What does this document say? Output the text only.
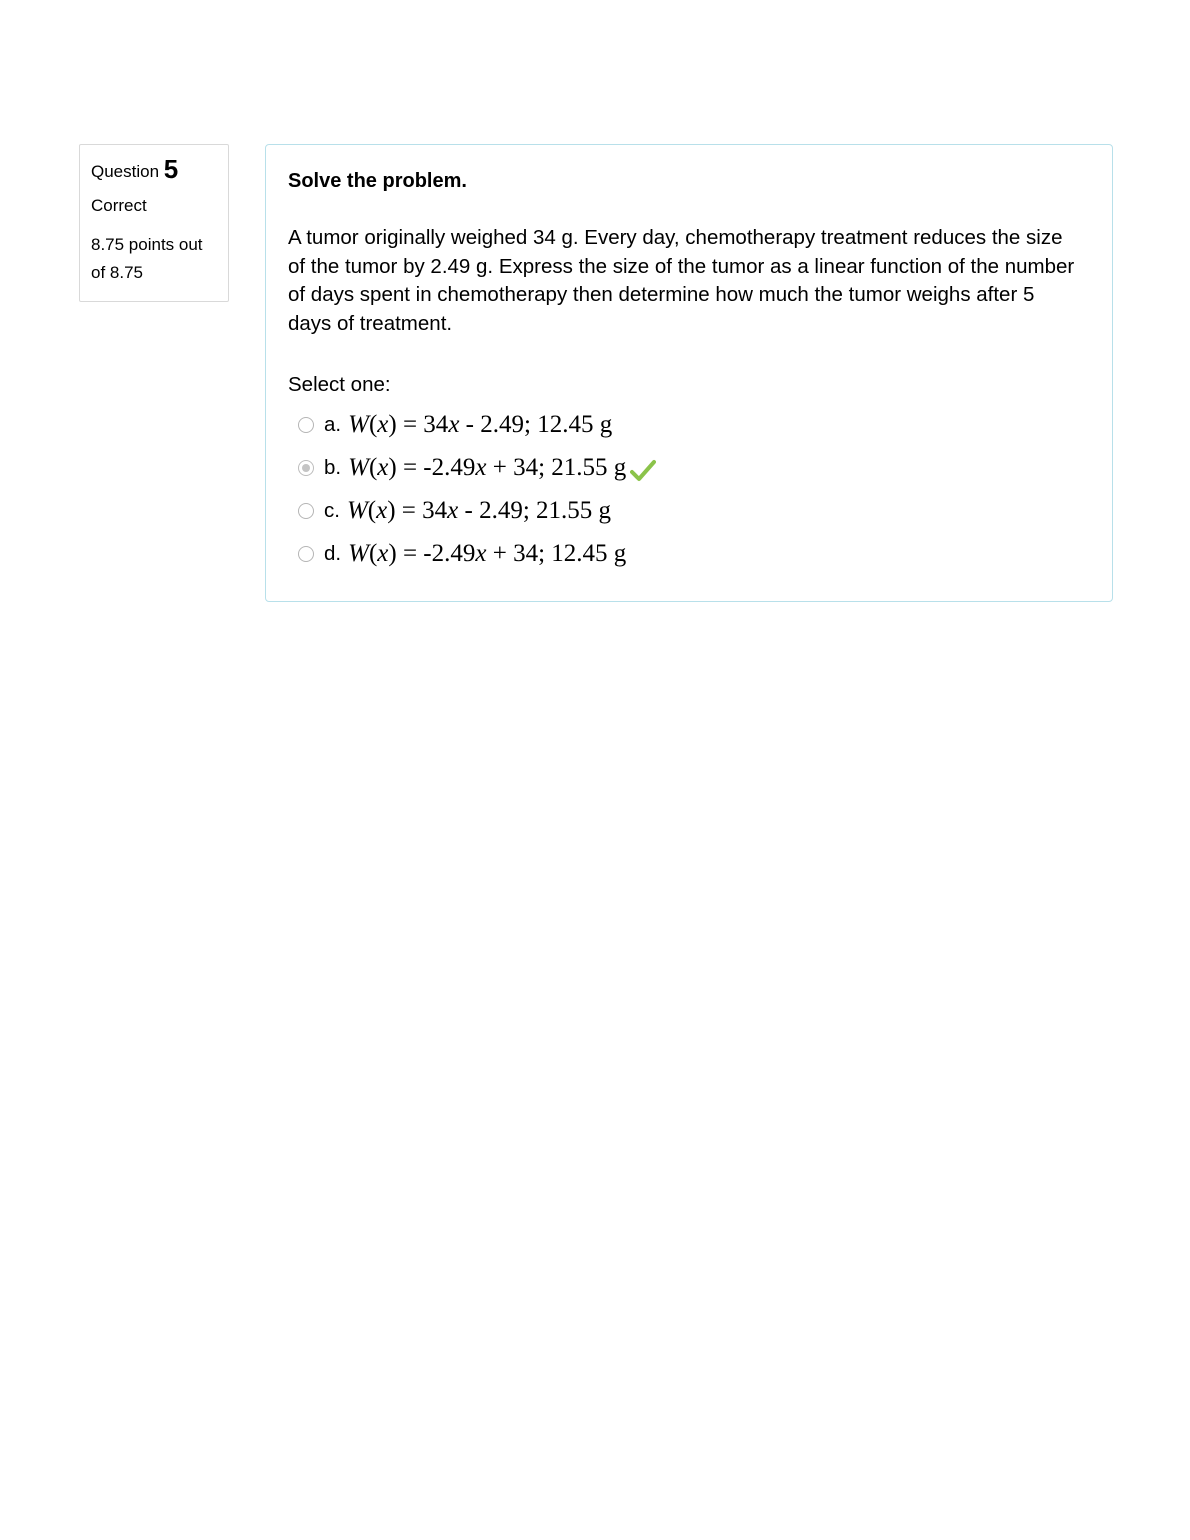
Question 5
Correct
8.75 points out of 8.75
Solve the problem.
A tumor originally weighed 34 g. Every day, chemotherapy treatment reduces the size of the tumor by 2.49 g. Express the size of the tumor as a linear function of the number of days spent in chemotherapy then determine how much the tumor weighs after 5 days of treatment.
Select one:
a. W(x) = 34x - 2.49; 12.45 g
b. W(x) = -2.49x + 34; 21.55 g
c. W(x) = 34x - 2.49; 21.55 g
d. W(x) = -2.49x + 34; 12.45 g
